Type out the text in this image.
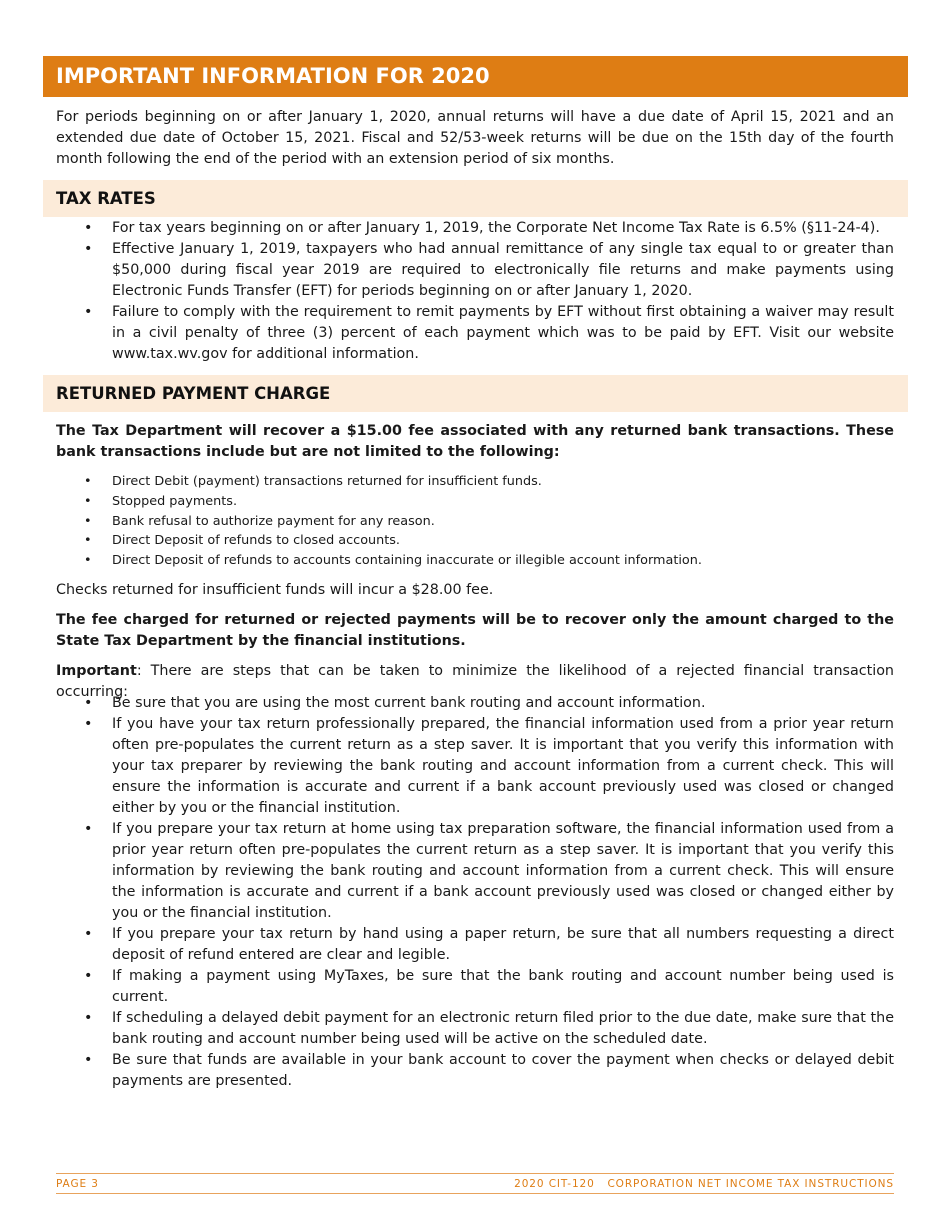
IMPORTANT INFORMATION FOR 2020

For periods beginning on or after January 1, 2020, annual returns will have a due date of April 15, 2021 and an extended due date of October 15, 2021. Fiscal and 52/53-week returns will be due on the 15th day of the fourth month following the end of the period with an extension period of six months.

TAX RATES
• For tax years beginning on or after January 1, 2019, the Corporate Net Income Tax Rate is 6.5% (§11-24-4).
• Effective January 1, 2019, taxpayers who had annual remittance of any single tax equal to or greater than $50,000 during fiscal year 2019 are required to electronically file returns and make payments using Electronic Funds Transfer (EFT) for periods beginning on or after January 1, 2020.
• Failure to comply with the requirement to remit payments by EFT without first obtaining a waiver may result in a civil penalty of three (3) percent of each payment which was to be paid by EFT. Visit our website www.tax.wv.gov for additional information.
RETURNED PAYMENT CHARGE

The Tax Department will recover a $15.00 fee associated with any returned bank transactions. These bank transactions include but are not limited to the following:

• Direct Debit (payment) transactions returned for insufficient funds.
• Stopped payments.
• Bank refusal to authorize payment for any reason.
• Direct Deposit of refunds to closed accounts.
• Direct Deposit of refunds to accounts containing inaccurate or illegible account information.

Checks returned for insufficient funds will incur a $28.00 fee.

The fee charged for returned or rejected payments will be to recover only the amount charged to the State Tax Department by the financial institutions.

Important: There are steps that can be taken to minimize the likelihood of a rejected financial transaction occurring:

• Be sure that you are using the most current bank routing and account information.
• If you have your tax return professionally prepared, the financial information used from a prior year return often pre-populates the current return as a step saver. It is important that you verify this information with your tax preparer by reviewing the bank routing and account information from a current check. This will ensure the information is accurate and current if a bank account previously used was closed or changed either by you or the financial institution.
• If you prepare your tax return at home using tax preparation software, the financial information used from a prior year return often pre-populates the current return as a step saver. It is important that you verify this information by reviewing the bank routing and account information from a current check. This will ensure the information is accurate and current if a bank account previously used was closed or changed either by you or the financial institution.
• If you prepare your tax return by hand using a paper return, be sure that all numbers requesting a direct deposit of refund entered are clear and legible.
• If making a payment using MyTaxes, be sure that the bank routing and account number being used is current.
• If scheduling a delayed debit payment for an electronic return filed prior to the due date, make sure that the bank routing and account number being used will be active on the scheduled date.
• Be sure that funds are available in your bank account to cover the payment when checks or delayed debit payments are presented.
PAGE 3	2020 CIT-120 CORPORATION NET INCOME TAX INSTRUCTIONS
